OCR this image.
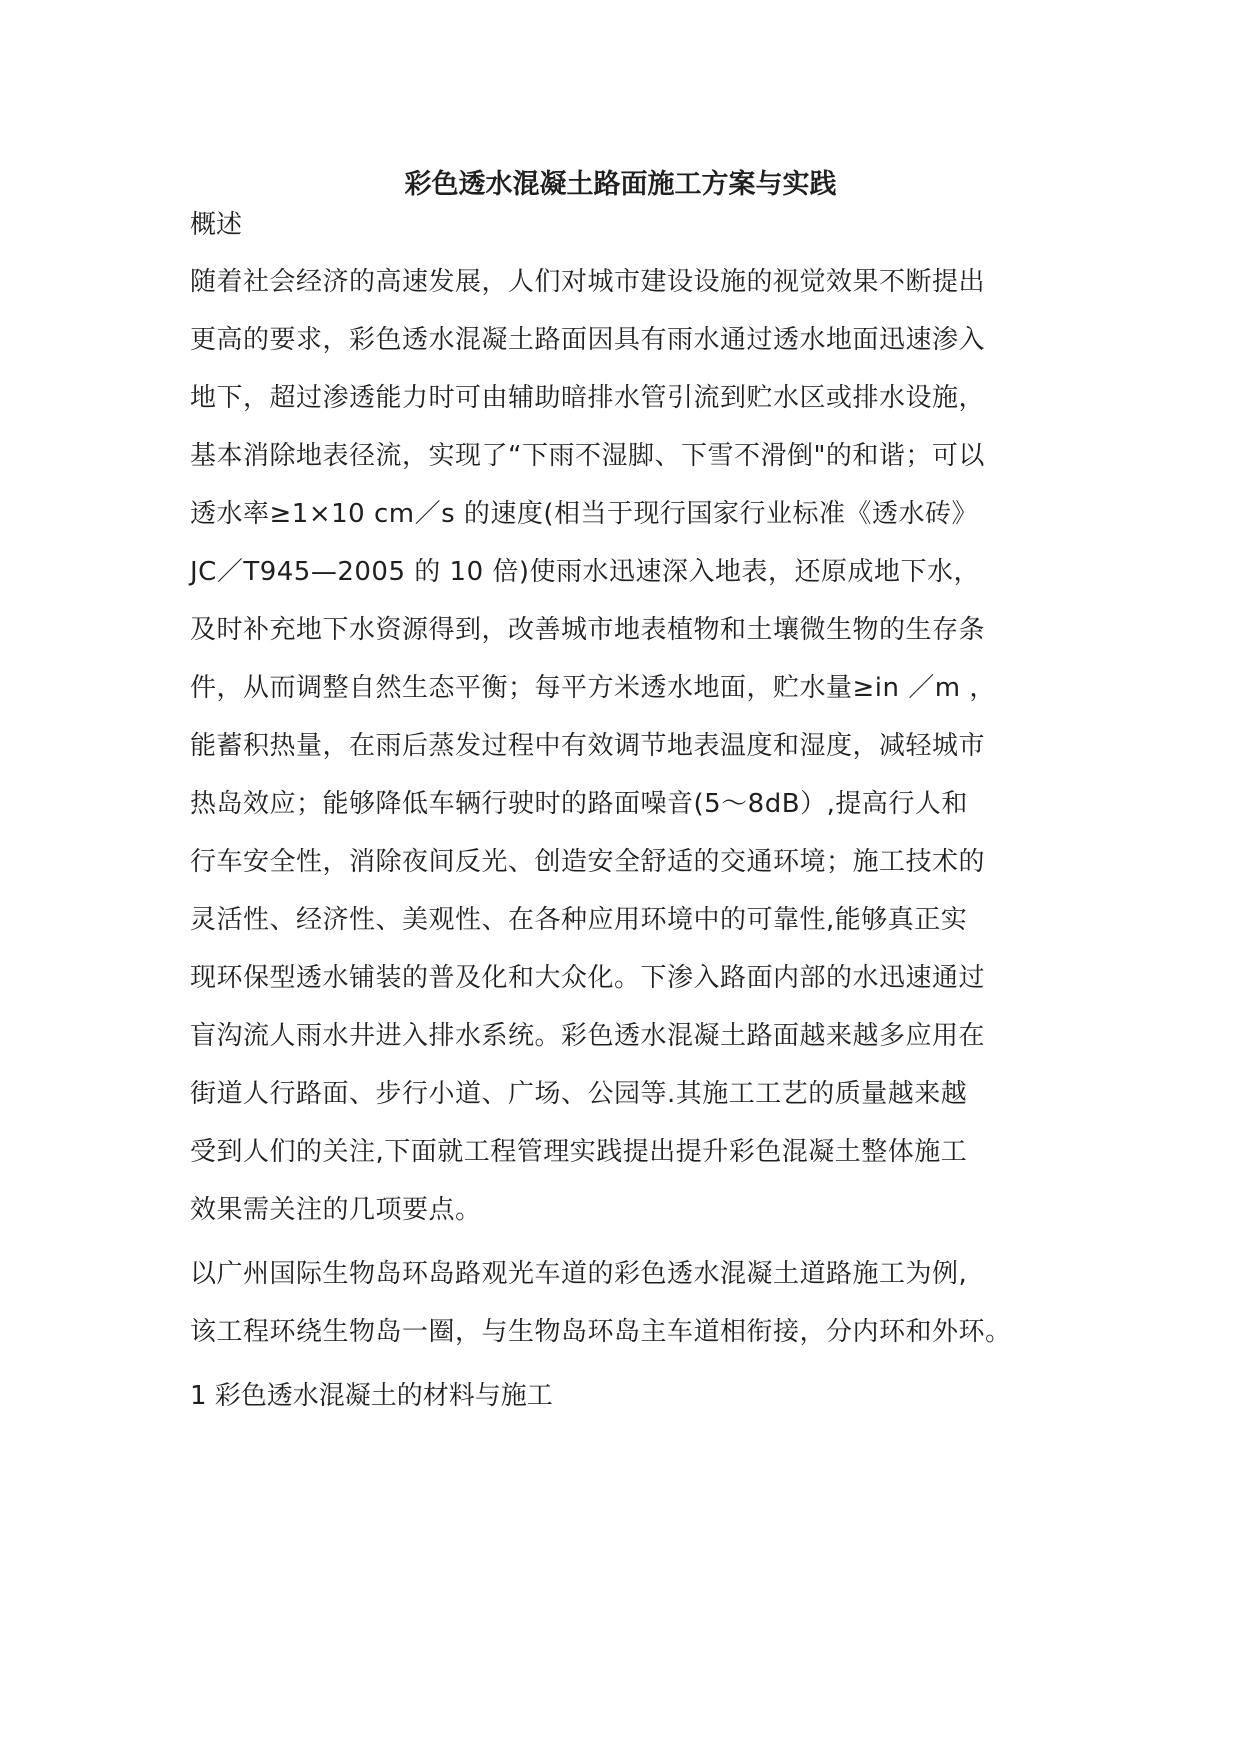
彩色透水混凝土路面施工方案与实践
概述
随着社会经济的高速发展，人们对城市建设设施的视觉效果不断提出
更高的要求，彩色透水混凝土路面因具有雨水通过透水地面迅速渗入
地下，超过渗透能力时可由辅助暗排水管引流到贮水区或排水设施，
基本消除地表径流，实现了“下雨不湿脚、下雪不滑倒"的和谐；可以
透水率≥1×10 cm／s 的速度(相当于现行国家行业标准《透水砖》
JC／T945—2005 的 10 倍)使雨水迅速深入地表，还原成地下水，
及时补充地下水资源得到，改善城市地表植物和土壤微生物的生存条
件，从而调整自然生态平衡；每平方米透水地面，贮水量≥in ／m ，
能蓄积热量，在雨后蒸发过程中有效调节地表温度和湿度，减轻城市
热岛效应；能够降低车辆行驶时的路面噪音(5～8dB）,提高行人和
行车安全性，消除夜间反光、创造安全舒适的交通环境；施工技术的
灵活性、经济性、美观性、在各种应用环境中的可靠性,能够真正实
现环保型透水铺装的普及化和大众化。下渗入路面内部的水迅速通过
盲沟流人雨水井进入排水系统。彩色透水混凝土路面越来越多应用在
街道人行路面、步行小道、广场、公园等.其施工工艺的质量越来越
受到人们的关注,下面就工程管理实践提出提升彩色混凝土整体施工
效果需关注的几项要点。
以广州国际生物岛环岛路观光车道的彩色透水混凝土道路施工为例,
该工程环绕生物岛一圈，与生物岛环岛主车道相衔接，分内环和外环。
1 彩色透水混凝土的材料与施工
